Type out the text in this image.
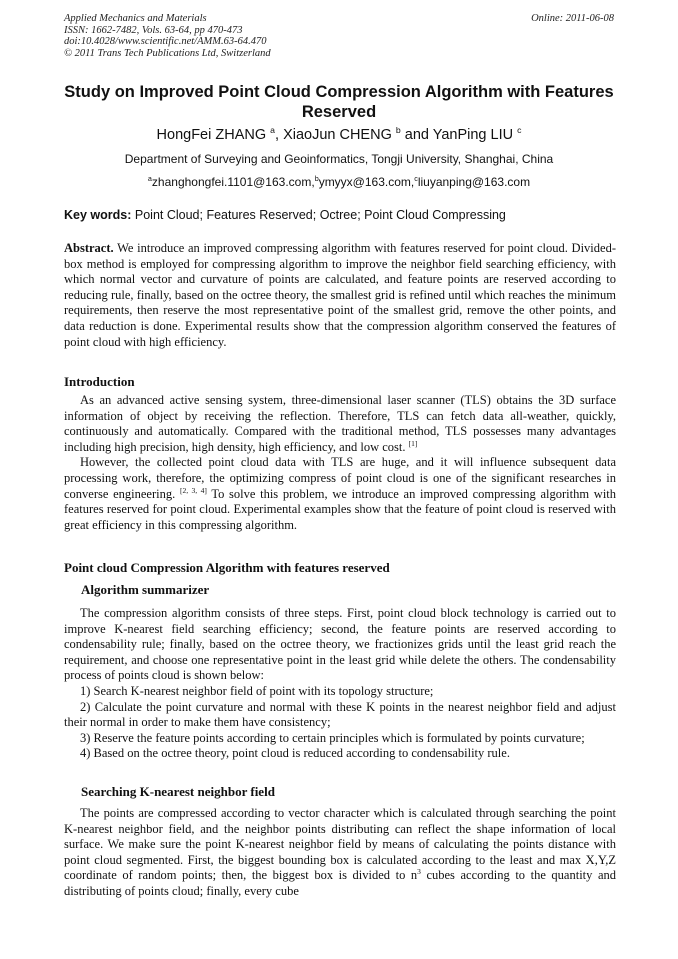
Applied Mechanics and Materials
ISSN: 1662-7482, Vols. 63-64, pp 470-473
doi:10.4028/www.scientific.net/AMM.63-64.470
© 2011 Trans Tech Publications Ltd, Switzerland
Online: 2011-06-08
Study on Improved Point Cloud Compression Algorithm with Features Reserved
HongFei ZHANG $^a$, XiaoJun CHENG $^b$ and YanPing LIU $^c$
Department of Surveying and Geoinformatics, Tongji University, Shanghai, China
$^a$zhanghongfei.1101@163.com,$^b$ymyyx@163.com,$^c$liuyanping@163.com
Key words: Point Cloud; Features Reserved; Octree; Point Cloud Compressing
Abstract. We introduce an improved compressing algorithm with features reserved for point cloud. Divided-box method is employed for compressing algorithm to improve the neighbor field searching efficiency, with which normal vector and curvature of points are calculated, and feature points are reserved according to reducing rule, finally, based on the octree theory, the smallest grid is refined until which reaches the minimum requirements, then reserve the most representative point of the smallest grid, remove the other points, and data reduction is done. Experimental results show that the compression algorithm conserved the features of point cloud with high efficiency.
Introduction

As an advanced active sensing system, three-dimensional laser scanner (TLS) obtains the 3D surface information of object by receiving the reflection. Therefore, TLS can fetch data all-weather, quickly, continuously and automatically. Compared with the traditional method, TLS possesses many advantages including high precision, high density, high efficiency, and low cost. [1]

However, the collected point cloud data with TLS are huge, and it will influence subsequent data processing work, therefore, the optimizing compress of point cloud is one of the significant researches in converse engineering. [2, 3, 4] To solve this problem, we introduce an improved compressing algorithm with features reserved for point cloud. Experimental examples show that the feature of point cloud is reserved with great efficiency in this compressing algorithm.

Point cloud Compression Algorithm with features reserved
Algorithm summarizer

The compression algorithm consists of three steps. First, point cloud block technology is carried out to improve K-nearest field searching efficiency; second, the feature points are reserved according to condensability rule; finally, based on the octree theory, we fractionizes grids until the least grid reach the requirement, and choose one representative point in the least grid while delete the others. The condensability process of points cloud is shown below:

1) Search K-nearest neighbor field of point with its topology structure;
2) Calculate the point curvature and normal with these K points in the nearest neighbor field and adjust their normal in order to make them have consistency;
3) Reserve the feature points according to certain principles which is formulated by points curvature;
4) Based on the octree theory, point cloud is reduced according to condensability rule.
Searching K-nearest neighbor field

The points are compressed according to vector character which is calculated through searching the point K-nearest neighbor field, and the neighbor points distributing can reflect the shape information of local surface. We make sure the point K-nearest neighbor field by means of calculating the points distance with point cloud segmented. First, the biggest bounding box is calculated according to the least and max X,Y,Z coordinate of random points; then, the biggest box is divided to $n^3$ cubes according to the quantity and distributing of points cloud; finally, every cube
